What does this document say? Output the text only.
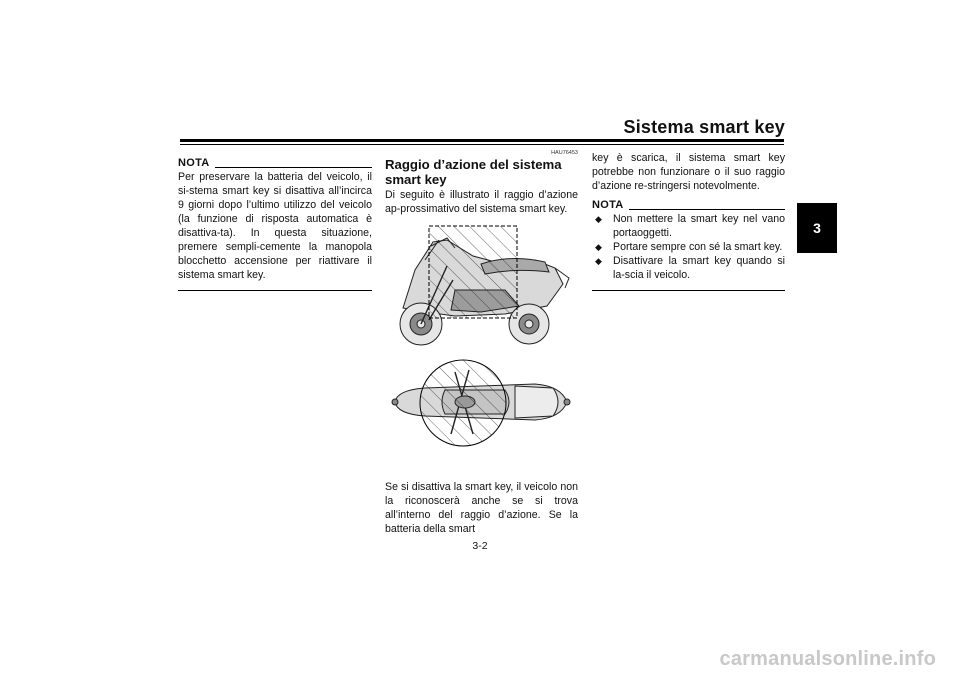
Sistema smart key
3
NOTA

Per preservare la batteria del veicolo, il si-stema smart key si disattiva all’incirca 9 giorni dopo l’ultimo utilizzo del veicolo (la funzione di risposta automatica è disattiva-ta). In questa situazione, premere sempli-cemente la manopola blocchetto accensione per riattivare il sistema smart key.

HAU76453
Raggio d’azione del sistema smart key

Di seguito è illustrato il raggio d’azione ap-prossimativo del sistema smart key.

Se si disattiva la smart key, il veicolo non la riconoscerà anche se si trova all’interno del raggio d’azione. Se la batteria della smart

key è scarica, il sistema smart key potrebbe non funzionare o il suo raggio d’azione re-stringersi notevolmente.

NOTA
◆	Non mettere la smart key nel vano portaoggetti.
◆	Portare sempre con sé la smart key.
◆	Disattivare la smart key quando si la-scia il veicolo.
3-2
carmanualsonline.info
